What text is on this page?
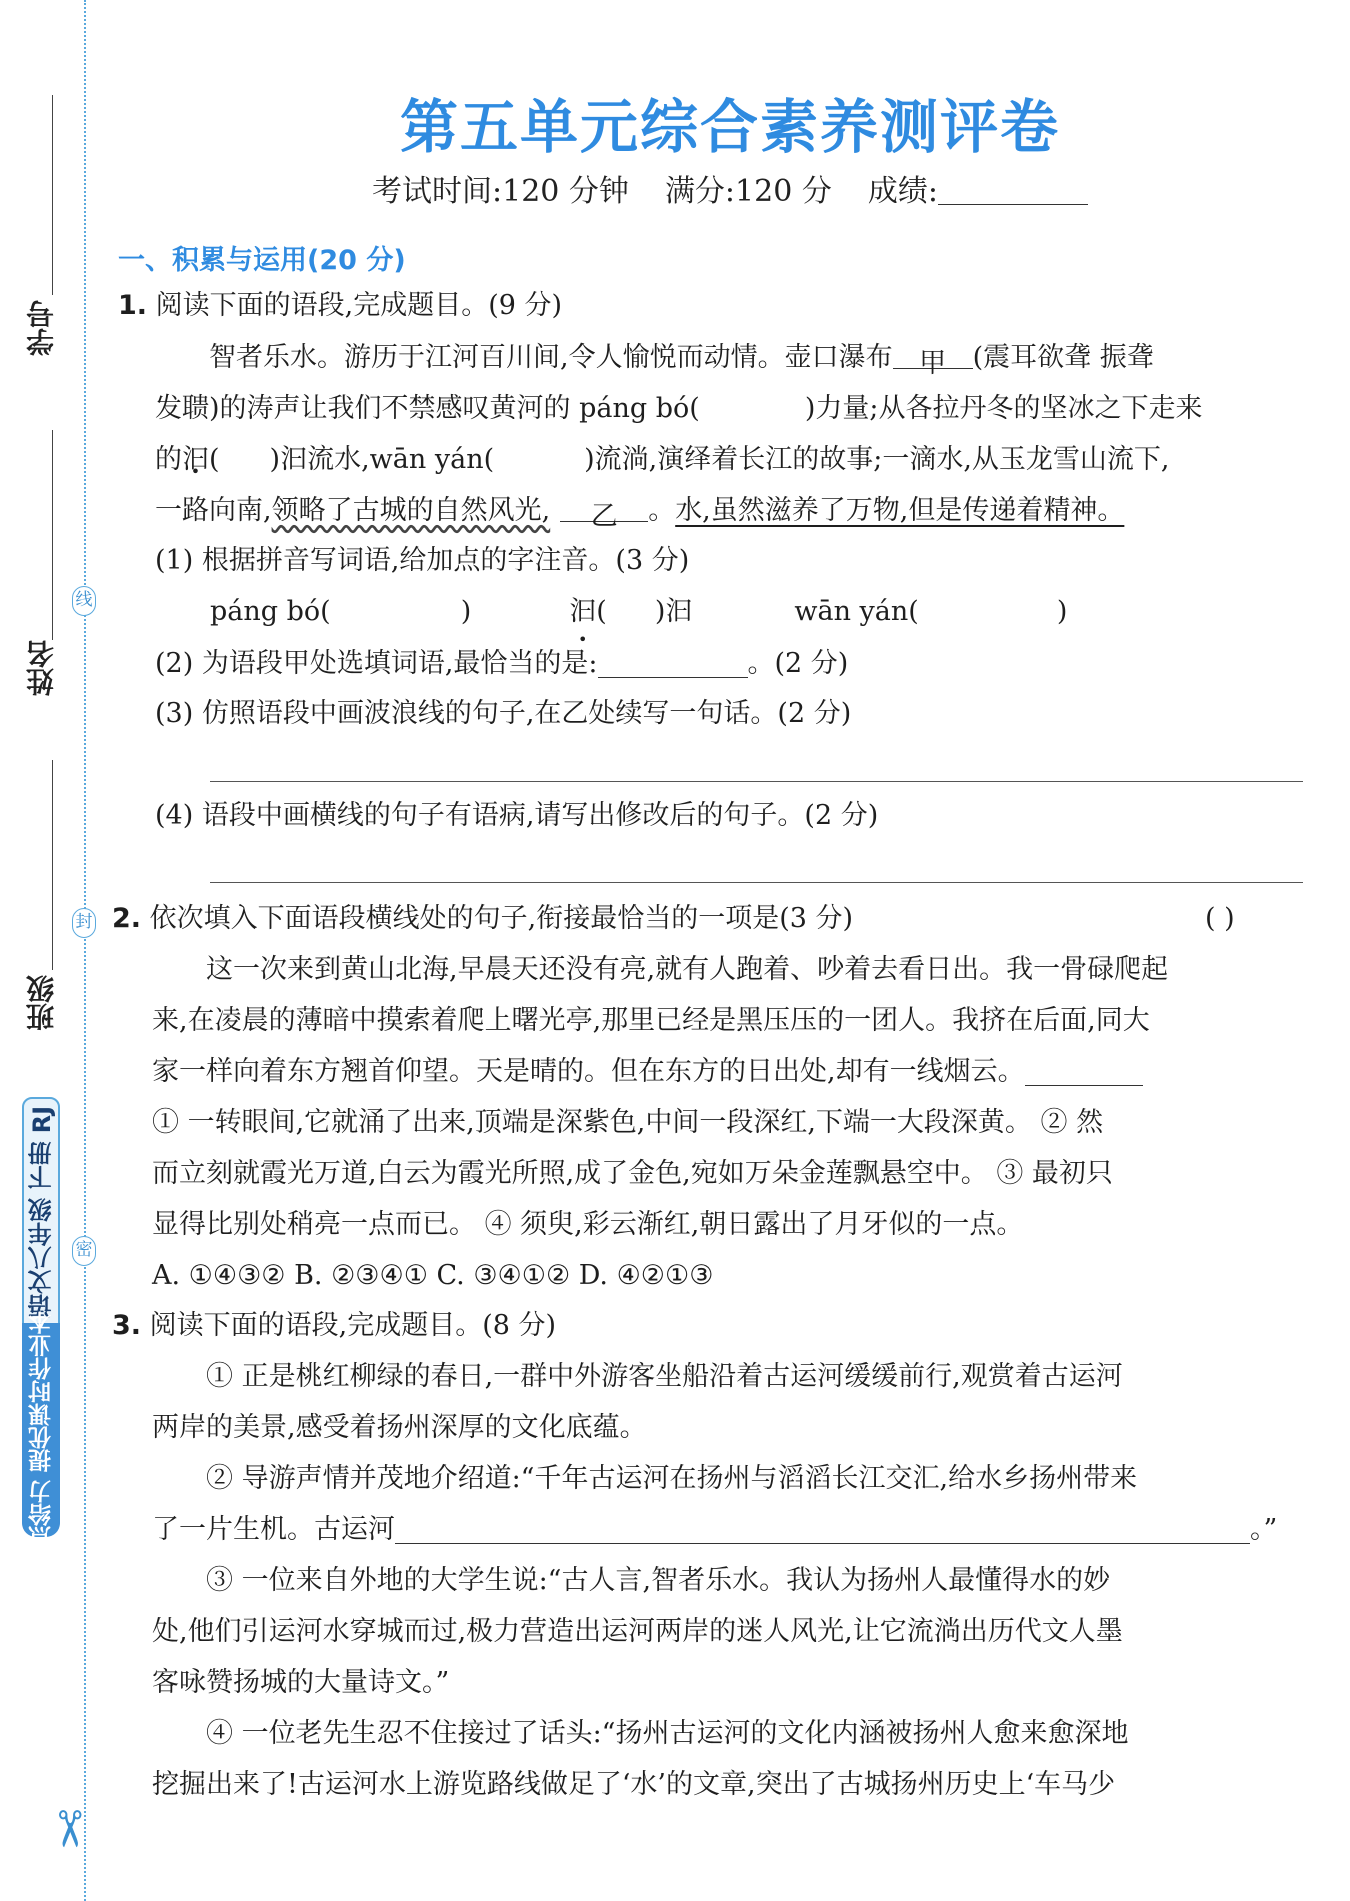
学号
姓名
班级
线
封
密
语文八年级 下册 RJ
点给力 提优课时作业本
✂
第五单元综合素养测评卷
考试时间:120 分钟 满分:120 分 成绩:
一、积累与运用(20 分)
1. 阅读下面的语段,完成题目。(9 分)
智者乐水。游历于江河百川间,令人愉悦而动情。壶口瀑布 甲 (震耳欲聋 振聋
发聩)的涛声让我们不禁感叹黄河的 páng bó(	)力量;从各拉丹冬的坚冰之下走来
的汩( )汩流水,wān yán(	)流淌,演绎着长江的故事;一滴水,从玉龙雪山流下,
一路向南,领略了古城的自然风光, 乙 。水,虽然滋养了万物,但是传递着精神。
(1) 根据拼音写词语,给加点的字注音。(3 分)
páng bó(	)	汩( )汩	wān yán(	)
(2) 为语段甲处选填词语,最恰当的是:	。(2 分)
(3) 仿照语段中画波浪线的句子,在乙处续写一句话。(2 分)
(4) 语段中画横线的句子有语病,请写出修改后的句子。(2 分)
2. 依次填入下面语段横线处的句子,衔接最恰当的一项是(3 分)	( )
这一次来到黄山北海,早晨天还没有亮,就有人跑着、吵着去看日出。我一骨碌爬起
来,在凌晨的薄暗中摸索着爬上曙光亭,那里已经是黑压压的一团人。我挤在后面,同大
家一样向着东方翘首仰望。天是晴的。但在东方的日出处,却有一线烟云。
① 一转眼间,它就涌了出来,顶端是深紫色,中间一段深红,下端一大段深黄。 ② 然
而立刻就霞光万道,白云为霞光所照,成了金色,宛如万朵金莲飘悬空中。 ③ 最初只
显得比别处稍亮一点而已。 ④ 须臾,彩云渐红,朝日露出了月牙似的一点。
A. ①④③② B. ②③④① C. ③④①② D. ④②①③
3. 阅读下面的语段,完成题目。(8 分)
① 正是桃红柳绿的春日,一群中外游客坐船沿着古运河缓缓前行,观赏着古运河
两岸的美景,感受着扬州深厚的文化底蕴。
② 导游声情并茂地介绍道:“千年古运河在扬州与滔滔长江交汇,给水乡扬州带来
了一片生机。古运河	。”
③ 一位来自外地的大学生说:“古人言,智者乐水。我认为扬州人最懂得水的妙
处,他们引运河水穿城而过,极力营造出运河两岸的迷人风光,让它流淌出历代文人墨
客咏赞扬城的大量诗文。”
④ 一位老先生忍不住接过了话头:“扬州古运河的文化内涵被扬州人愈来愈深地
挖掘出来了!古运河水上游览路线做足了‘水’的文章,突出了古城扬州历史上‘车马少
